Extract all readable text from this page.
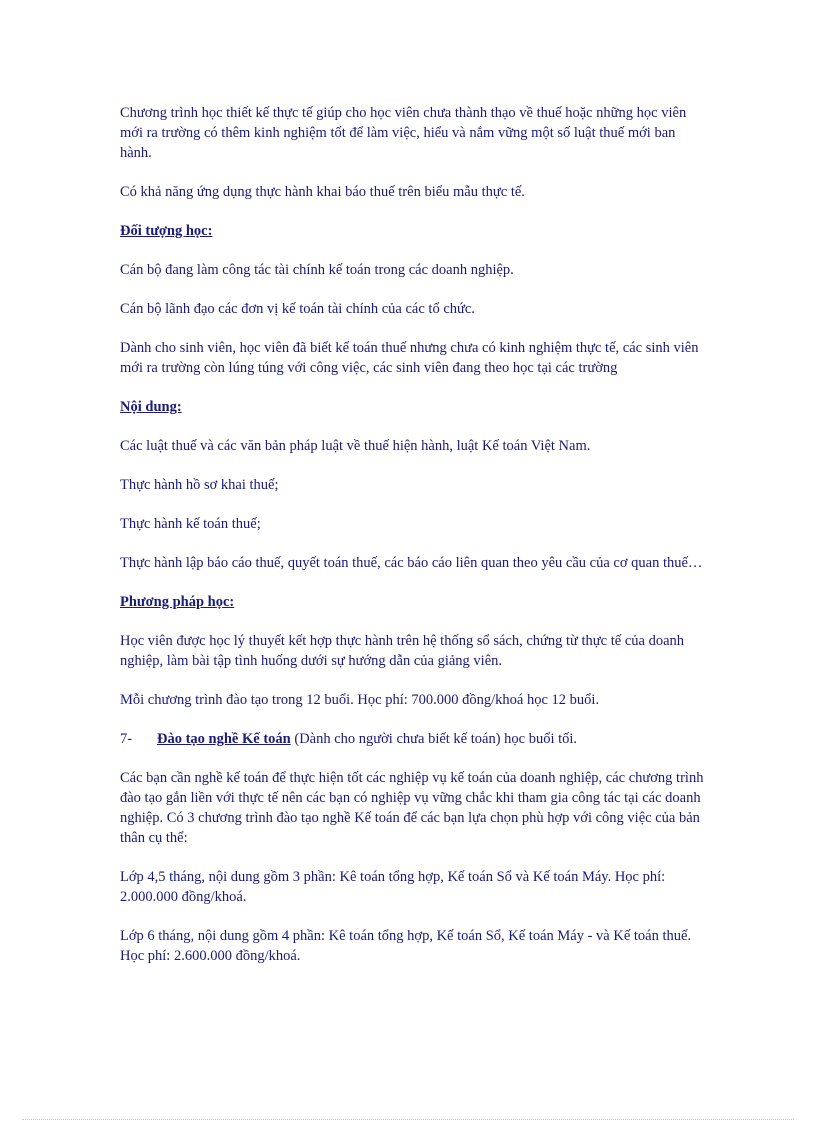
Chương trình học thiết kế thực tế giúp cho học viên chưa thành thạo về thuế hoặc những học viên mới ra trường có thêm kinh nghiệm tốt để làm việc, hiểu và nắm vững một số luật thuế mới ban hành.

Có khả năng ứng dụng thực hành khai báo thuế trên biểu mẫu thực tế.

Đối tượng học:

Cán bộ đang làm công tác tài chính kế toán trong các doanh nghiệp.

Cán bộ lãnh đạo các đơn vị kế toán tài chính của các tổ chức.

Dành cho sinh viên, học viên đã biết kế toán thuế nhưng chưa có kinh nghiệm thực tế, các sinh viên mới ra trường còn lúng túng với công việc, các sinh viên đang theo học tại các trường

Nội dung:

Các luật thuế và các văn bản pháp luật về thuế hiện hành, luật Kế toán Việt Nam.

Thực hành hồ sơ khai thuế;

Thực hành kế toán thuế;

Thực hành lập báo cáo thuế, quyết toán thuế, các báo cáo liên quan theo yêu cầu của cơ quan thuế…

Phương pháp học:

Học viên được học lý thuyết kết hợp thực hành trên hệ thống sổ sách, chứng từ thực tế của doanh nghiệp, làm bài tập tình huống dưới sự hướng dẫn của giảng viên.

Mỗi chương trình đào tạo trong 12 buổi. Học phí: 700.000 đồng/khoá học 12 buổi.

7- Đào tạo nghề Kế toán (Dành cho người chưa biết kế toán) học buổi tối.

Các bạn cần nghề kế toán để thực hiện tốt các nghiệp vụ kế toán của doanh nghiệp, các chương trình đào tạo gắn liền với thực tế nên các bạn có nghiệp vụ vững chắc khi tham gia công tác tại các doanh nghiệp. Có 3 chương trình đào tạo nghề Kế toán để các bạn lựa chọn phù hợp với công việc của bản thân cụ thể:

Lớp 4,5 tháng, nội dung gồm 3 phần: Kê toán tổng hợp, Kế toán Sổ và Kế toán Máy. Học phí: 2.000.000 đồng/khoá.

Lớp 6 tháng, nội dung gồm 4 phần: Kê toán tổng hợp, Kế toán Sổ, Kế toán Máy - và Kế toán thuế. Học phí: 2.600.000 đồng/khoá.
